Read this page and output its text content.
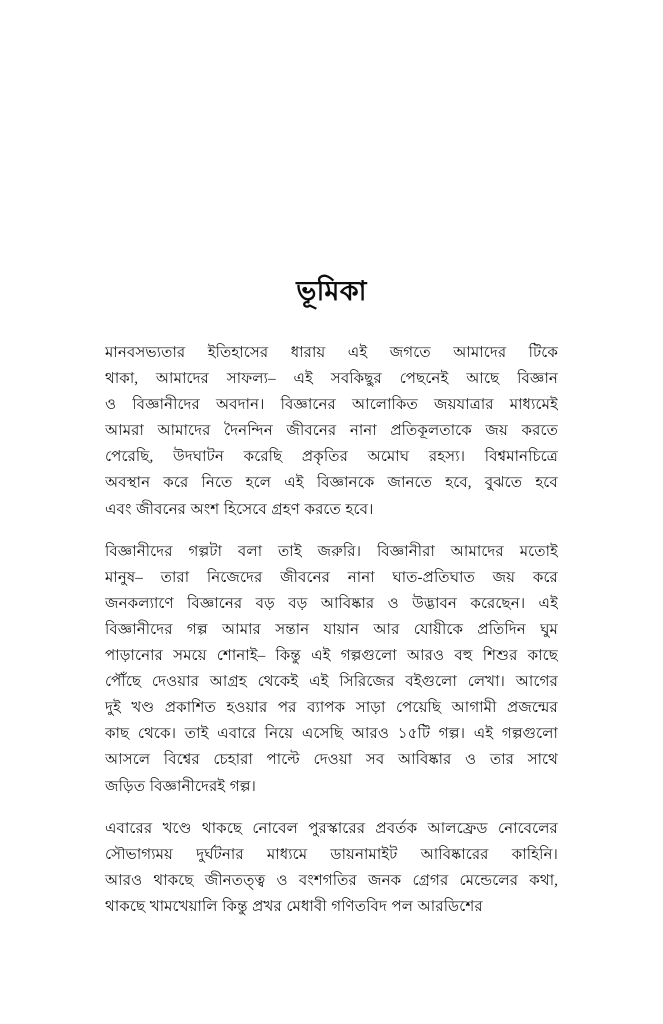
ভূমিকা
মানবসভ্যতার ইতিহাসের ধারায় এই জগতে আমাদের টিকে
থাকা, আমাদের সাফল্য– এই সবকিছুর পেছনেই আছে বিজ্ঞান
ও বিজ্ঞানীদের অবদান। বিজ্ঞানের আলোকিত জয়যাত্রার মাধ্যমেই
আমরা আমাদের দৈনন্দিন জীবনের নানা প্রতিকূলতাকে জয় করতে
পেরেছি, উদঘাটন করেছি প্রকৃতির অমোঘ রহস্য। বিশ্বমানচিত্রে
অবস্থান করে নিতে হলে এই বিজ্ঞানকে জানতে হবে, বুঝতে হবে
এবং জীবনের অংশ হিসেবে গ্রহণ করতে হবে।
বিজ্ঞানীদের গল্পটা বলা তাই জরুরি। বিজ্ঞানীরা আমাদের মতোই
মানুষ– তারা নিজেদের জীবনের নানা ঘাত-প্রতিঘাত জয় করে
জনকল্যাণে বিজ্ঞানের বড় বড় আবিষ্কার ও উদ্ভাবন করেছেন। এই
বিজ্ঞানীদের গল্প আমার সন্তান যায়ান আর যোয়ীকে প্রতিদিন ঘুম
পাড়ানোর সময়ে শোনাই– কিন্তু এই গল্পগুলো আরও বহু শিশুর কাছে
পৌঁছে দেওয়ার আগ্রহ থেকেই এই সিরিজের বইগুলো লেখা। আগের
দুই খণ্ড প্রকাশিত হওয়ার পর ব্যাপক সাড়া পেয়েছি আগামী প্রজন্মের
কাছ থেকে। তাই এবারে নিয়ে এসেছি আরও ১৫টি গল্প। এই গল্পগুলো
আসলে বিশ্বের চেহারা পাল্টে দেওয়া সব আবিষ্কার ও তার সাথে
জড়িত বিজ্ঞানীদেরই গল্প।
এবারের খণ্ডে থাকছে নোবেল পুরস্কারের প্রবর্তক আলফ্রেড নোবেলের
সৌভাগ্যময় দুর্ঘটনার মাধ্যমে ডায়নামাইট আবিষ্কারের কাহিনি।
আরও থাকছে জীনতত্ত্ব ও বংশগতির জনক গ্রেগর মেন্ডেলের কথা,
থাকছে খামখেয়ালি কিন্তু প্রখর মেধাবী গণিতবিদ পল আরডিশের
